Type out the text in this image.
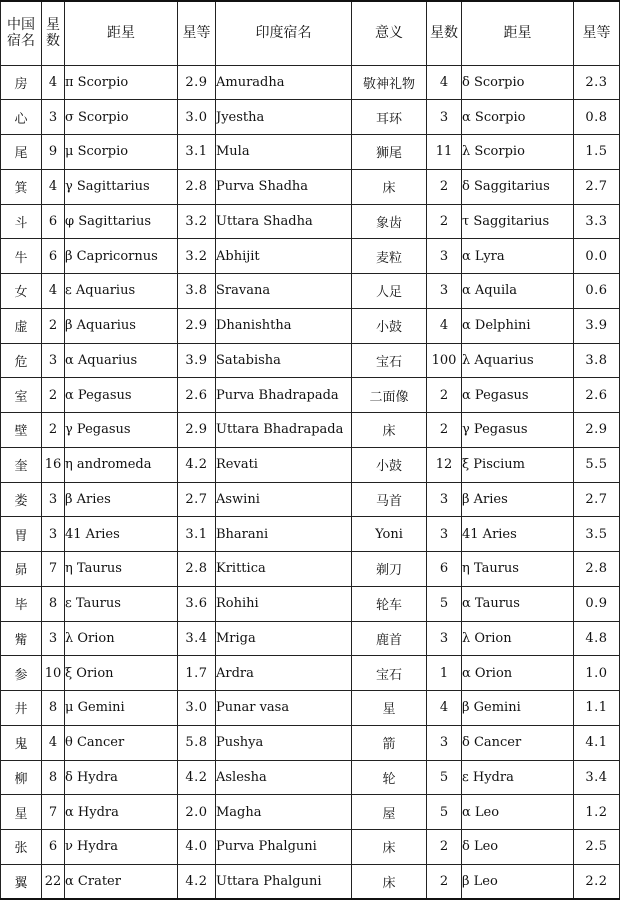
中国宿名	星数	距星	星等	印度宿名	意义	星数	距星	星等
房	4	π Scorpio	2.9	Amuradha	敬神礼物	4	δ Scorpio	2.3
心	3	σ Scorpio	3.0	Jyestha	耳环	3	α Scorpio	0.8
尾	9	μ Scorpio	3.1	Mula	狮尾	11	λ Scorpio	1.5
箕	4	γ Sagittarius	2.8	Purva Shadha	床	2	δ Saggitarius	2.7
斗	6	φ Sagittarius	3.2	Uttara Shadha	象齿	2	τ Saggitarius	3.3
牛	6	β Capricornus	3.2	Abhijit	麦粒	3	α Lyra	0.0
女	4	ε Aquarius	3.8	Sravana	人足	3	α Aquila	0.6
虚	2	β Aquarius	2.9	Dhanishtha	小鼓	4	α Delphini	3.9
危	3	α Aquarius	3.9	Satabisha	宝石	100	λ Aquarius	3.8
室	2	α Pegasus	2.6	Purva Bhadrapada	二面像	2	α Pegasus	2.6
壁	2	γ Pegasus	2.9	Uttara Bhadrapada	床	2	γ Pegasus	2.9
奎	16	η andromeda	4.2	Revati	小鼓	12	ξ Piscium	5.5
娄	3	β Aries	2.7	Aswini	马首	3	β Aries	2.7
胃	3	41 Aries	3.1	Bharani	Yoni	3	41 Aries	3.5
昴	7	η Taurus	2.8	Krittica	剃刀	6	η Taurus	2.8
毕	8	ε Taurus	3.6	Rohihi	轮车	5	α Taurus	0.9
觜	3	λ Orion	3.4	Mriga	鹿首	3	λ Orion	4.8
参	10	ξ Orion	1.7	Ardra	宝石	1	α Orion	1.0
井	8	μ Gemini	3.0	Punar vasa	星	4	β Gemini	1.1
鬼	4	θ Cancer	5.8	Pushya	箭	3	δ Cancer	4.1
柳	8	δ Hydra	4.2	Aslesha	轮	5	ε Hydra	3.4
星	7	α Hydra	2.0	Magha	屋	5	α Leo	1.2
张	6	ν Hydra	4.0	Purva Phalguni	床	2	δ Leo	2.5
翼	22	α Crater	4.2	Uttara Phalguni	床	2	β Leo	2.2
